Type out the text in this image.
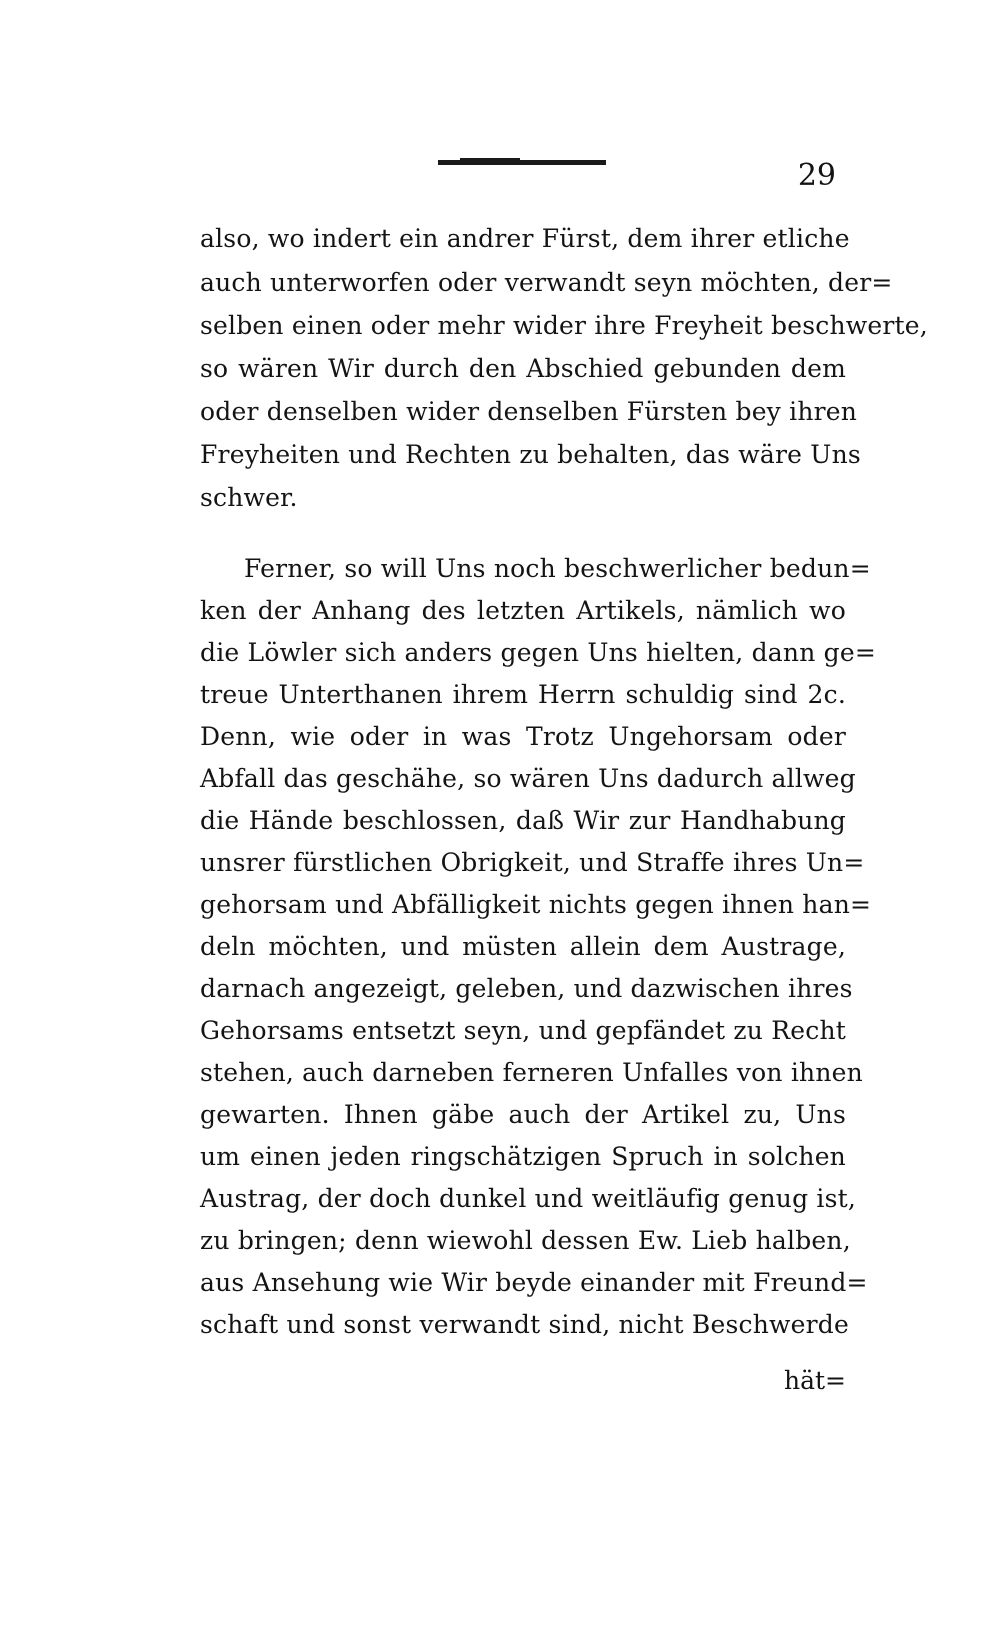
29
also, wo indert ein andrer Fürst, dem ihrer etliche
auch unterworfen oder verwandt seyn möchten, der=
selben einen oder mehr wider ihre Freyheit beschwerte,
so wären Wir durch den Abschied gebunden dem
oder denselben wider denselben Fürsten bey ihren
Freyheiten und Rechten zu behalten, das wäre Uns
schwer.
Ferner, so will Uns noch beschwerlicher bedun=
ken der Anhang des letzten Artikels, nämlich wo
die Löwler sich anders gegen Uns hielten, dann ge=
treue Unterthanen ihrem Herrn schuldig sind 2c.
Denn, wie oder in was Trotz Ungehorsam oder
Abfall das geschähe, so wären Uns dadurch allweg
die Hände beschlossen, daß Wir zur Handhabung
unsrer fürstlichen Obrigkeit, und Straffe ihres Un=
gehorsam und Abfälligkeit nichts gegen ihnen han=
deln möchten, und müsten allein dem Austrage,
darnach angezeigt, geleben, und dazwischen ihres
Gehorsams entsetzt seyn, und gepfändet zu Recht
stehen, auch darneben ferneren Unfalles von ihnen
gewarten. Ihnen gäbe auch der Artikel zu, Uns
um einen jeden ringschätzigen Spruch in solchen
Austrag, der doch dunkel und weitläufig genug ist,
zu bringen; denn wiewohl dessen Ew. Lieb halben,
aus Ansehung wie Wir beyde einander mit Freund=
schaft und sonst verwandt sind, nicht Beschwerde
hät=
